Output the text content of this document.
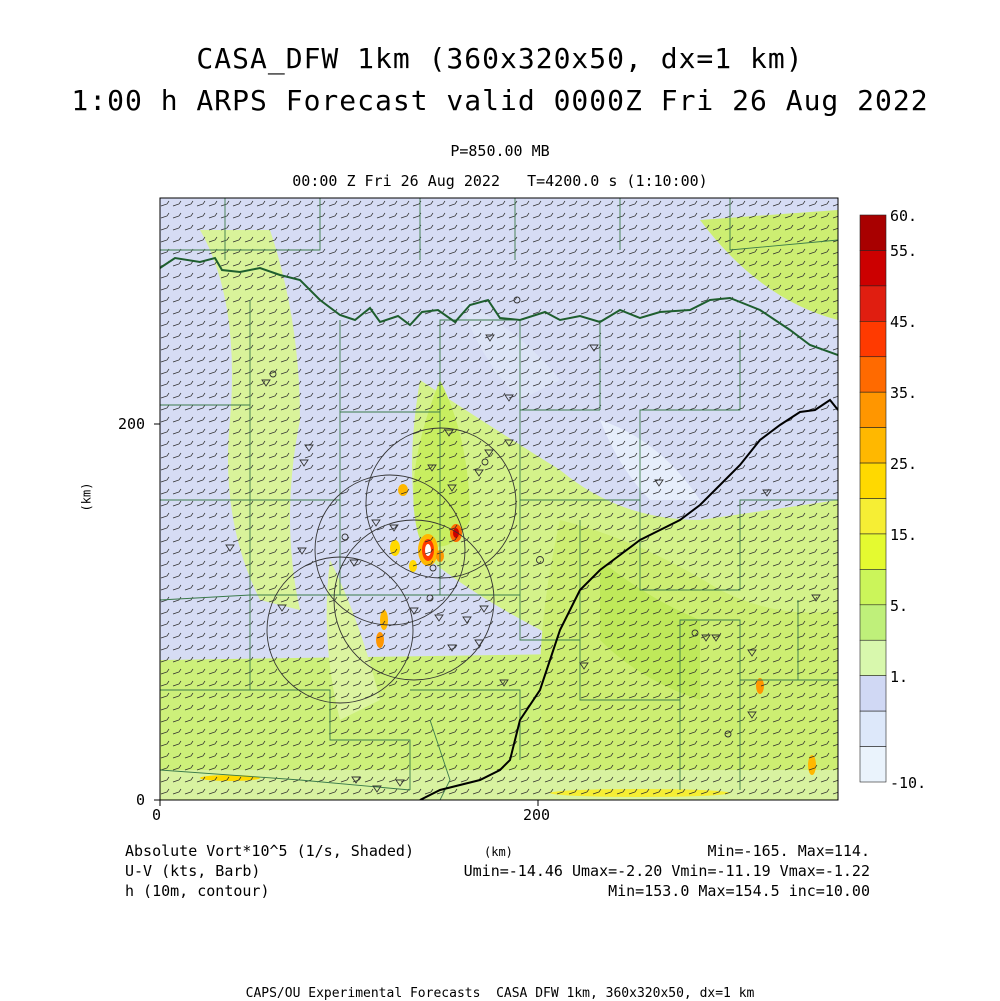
CASA_DFW 1km (360x320x50, dx=1 km)
1:00 h ARPS Forecast valid 0000Z Fri 26 Aug 2022
P=850.00 MB
00:00 Z Fri 26 Aug 2022   T=4200.0 s (1:10:00)
0	200
0
200
(km)
(km)
Absolute Vort*10^5 (1/s, Shaded)
U-V (kts, Barb)
h (10m, contour)
Min=-165. Max=114.
Umin=-14.46 Umax=-2.20 Vmin=-11.19 Vmax=-1.22
Min=153.0 Max=154.5 inc=10.00
CAPS/OU Experimental Forecasts  CASA DFW 1km, 360x320x50, dx=1 km
60.
55.
45.
35.
25.
15.
5.
1.
-10.
